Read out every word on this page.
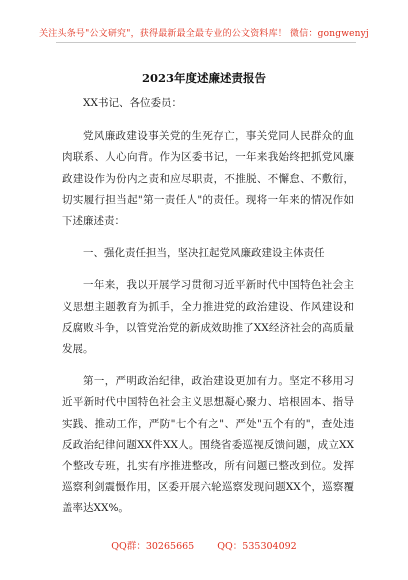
关注头条号"公文研究"，获得最新最全最专业的公文资料库！ 微信：gongwenyj
2023年度述廉述责报告

XX书记、各位委员：

党风廉政建设事关党的生死存亡，事关党同人民群众的血肉联系、人心向背。作为区委书记，一年来我始终把抓党风廉政建设作为份内之责和应尽职责，不推脱、不懈怠、不敷衍，切实履行担当起"第一责任人"的责任。现将一年来的情况作如下述廉述责：

一、强化责任担当，坚决扛起党风廉政建设主体责任

一年来，我以开展学习贯彻习近平新时代中国特色社会主义思想主题教育为抓手，全力推进党的政治建设、作风建设和反腐败斗争，以管党治党的新成效助推了XX经济社会的高质量发展。

第一，严明政治纪律，政治建设更加有力。坚定不移用习近平新时代中国特色社会主义思想凝心聚力、培根固本、指导实践、推动工作，严防"七个有之"、严处"五个有的"，查处违反政治纪律问题XX件XX人。围绕省委巡视反馈问题，成立XX个整改专班，扎实有序推进整改，所有问题已整改到位。发挥巡察利剑震慑作用，区委开展六轮巡察发现问题XX个，巡察覆盖率达XX%。

QQ群：30265665 QQ：535304092
